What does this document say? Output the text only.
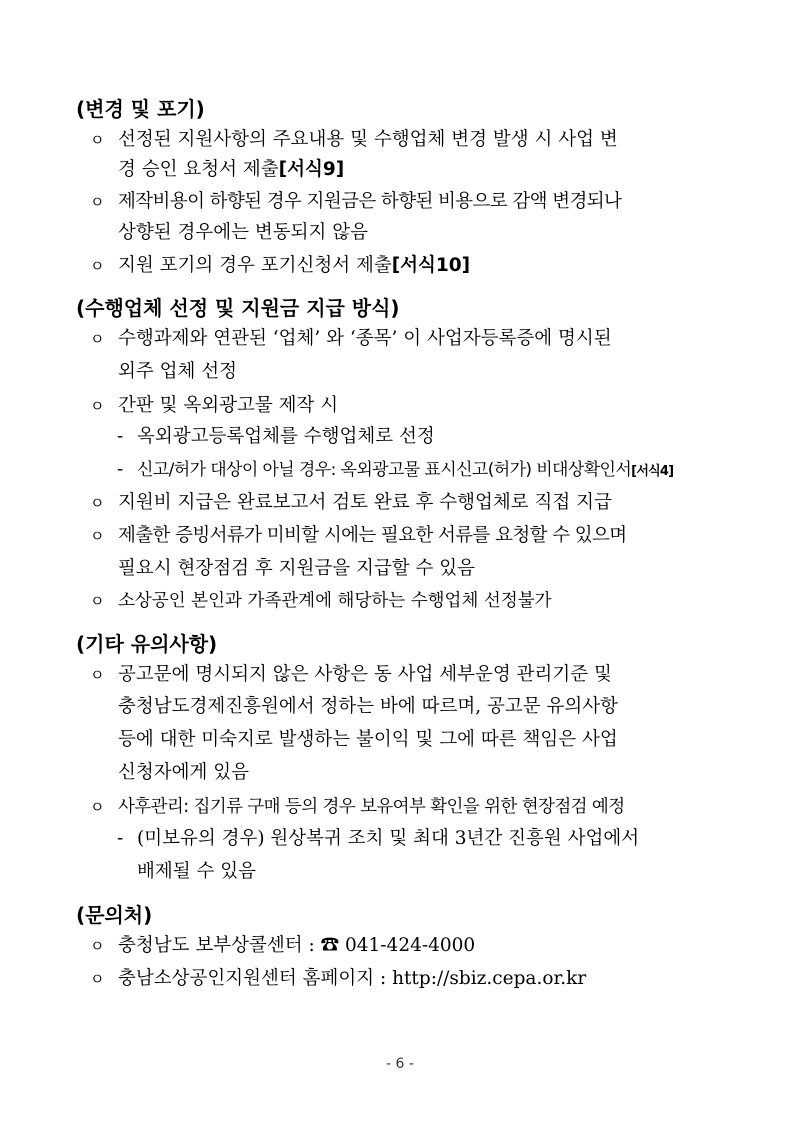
(변경 및 포기)
ㅇ 선정된 지원사항의 주요내용 및 수행업체 변경 발생 시 사업 변
경 승인 요청서 제출[서식9]
ㅇ 제작비용이 하향된 경우 지원금은 하향된 비용으로 감액 변경되나
상향된 경우에는 변동되지 않음
ㅇ 지원 포기의 경우 포기신청서 제출[서식10]
(수행업체 선정 및 지원금 지급 방식)
ㅇ 수행과제와 연관된 ‘업체’ 와 ‘종목’ 이 사업자등록증에 명시된
외주 업체 선정
ㅇ 간판 및 옥외광고물 제작 시
- 옥외광고등록업체를 수행업체로 선정
- 신고/허가 대상이 아닐 경우: 옥외광고물 표시신고(허가) 비대상확인서[서식4]
ㅇ 지원비 지급은 완료보고서 검토 완료 후 수행업체로 직접 지급
ㅇ 제출한 증빙서류가 미비할 시에는 필요한 서류를 요청할 수 있으며
필요시 현장점검 후 지원금을 지급할 수 있음
ㅇ 소상공인 본인과 가족관계에 해당하는 수행업체 선정불가
(기타 유의사항)
ㅇ 공고문에 명시되지 않은 사항은 동 사업 세부운영 관리기준 및
충청남도경제진흥원에서 정하는 바에 따르며, 공고문 유의사항
등에 대한 미숙지로 발생하는 불이익 및 그에 따른 책임은 사업
신청자에게 있음
ㅇ 사후관리: 집기류 구매 등의 경우 보유여부 확인을 위한 현장점검 예정
- (미보유의 경우) 원상복귀 조치 및 최대 3년간 진흥원 사업에서
배제될 수 있음
(문의처)
ㅇ 충청남도 보부상콜센터 : ☎ 041-424-4000
ㅇ 충남소상공인지원센터 홈페이지 : http://sbiz.cepa.or.kr
- 6 -
